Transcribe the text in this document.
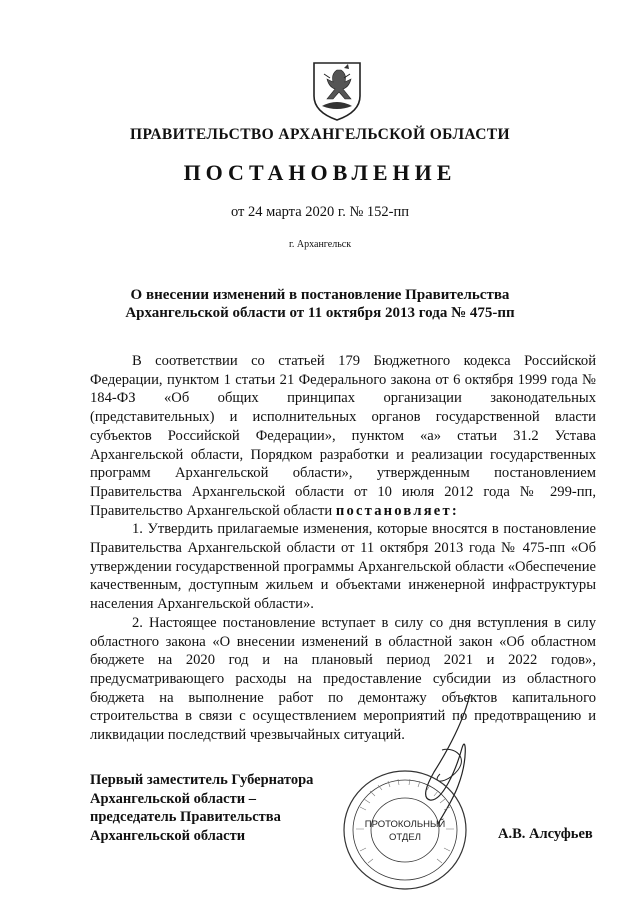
ПРАВИТЕЛЬСТВО АРХАНГЕЛЬСКОЙ ОБЛАСТИ
ПОСТАНОВЛЕНИЕ
от 24 марта 2020 г. № 152-пп
г. Архангельск
О внесении изменений в постановление Правительства
Архангельской области от 11 октября 2013 года № 475-пп

В соответствии со статьей 179 Бюджетного кодекса Российской Федерации, пунктом 1 статьи 21 Федерального закона от 6 октября 1999 года № 184-ФЗ «Об общих принципах организации законодательных (представительных) и исполнительных органов государственной власти субъектов Российской Федерации», пунктом «а» статьи 31.2 Устава Архангельской области, Порядком разработки и реализации государственных программ Архангельской области», утвержденным постановлением Правительства Архангельской области от 10 июля 2012 года № 299-пп, Правительство Архангельской области постановляет:

1. Утвердить прилагаемые изменения, которые вносятся в постановление Правительства Архангельской области от 11 октября 2013 года № 475-пп «Об утверждении государственной программы Архангельской области «Обеспечение качественным, доступным жильем и объектами инженерной инфраструктуры населения Архангельской области».

2. Настоящее постановление вступает в силу со дня вступления в силу областного закона «О внесении изменений в областной закон «Об областном бюджете на 2020 год и на плановый период 2021 и 2022 годов», предусматривающего расходы на предоставление субсидии из областного бюджета на выполнение работ по демонтажу объектов капитального строительства в связи с осуществлением мероприятий по предотвращению и ликвидации последствий чрезвычайных ситуаций.

ПРОТОКОЛЬНЫЙ
ОТДЕЛ
Первый заместитель Губернатора
Архангельской области –
председатель Правительства
Архангельской области	А.В. Алсуфьев
